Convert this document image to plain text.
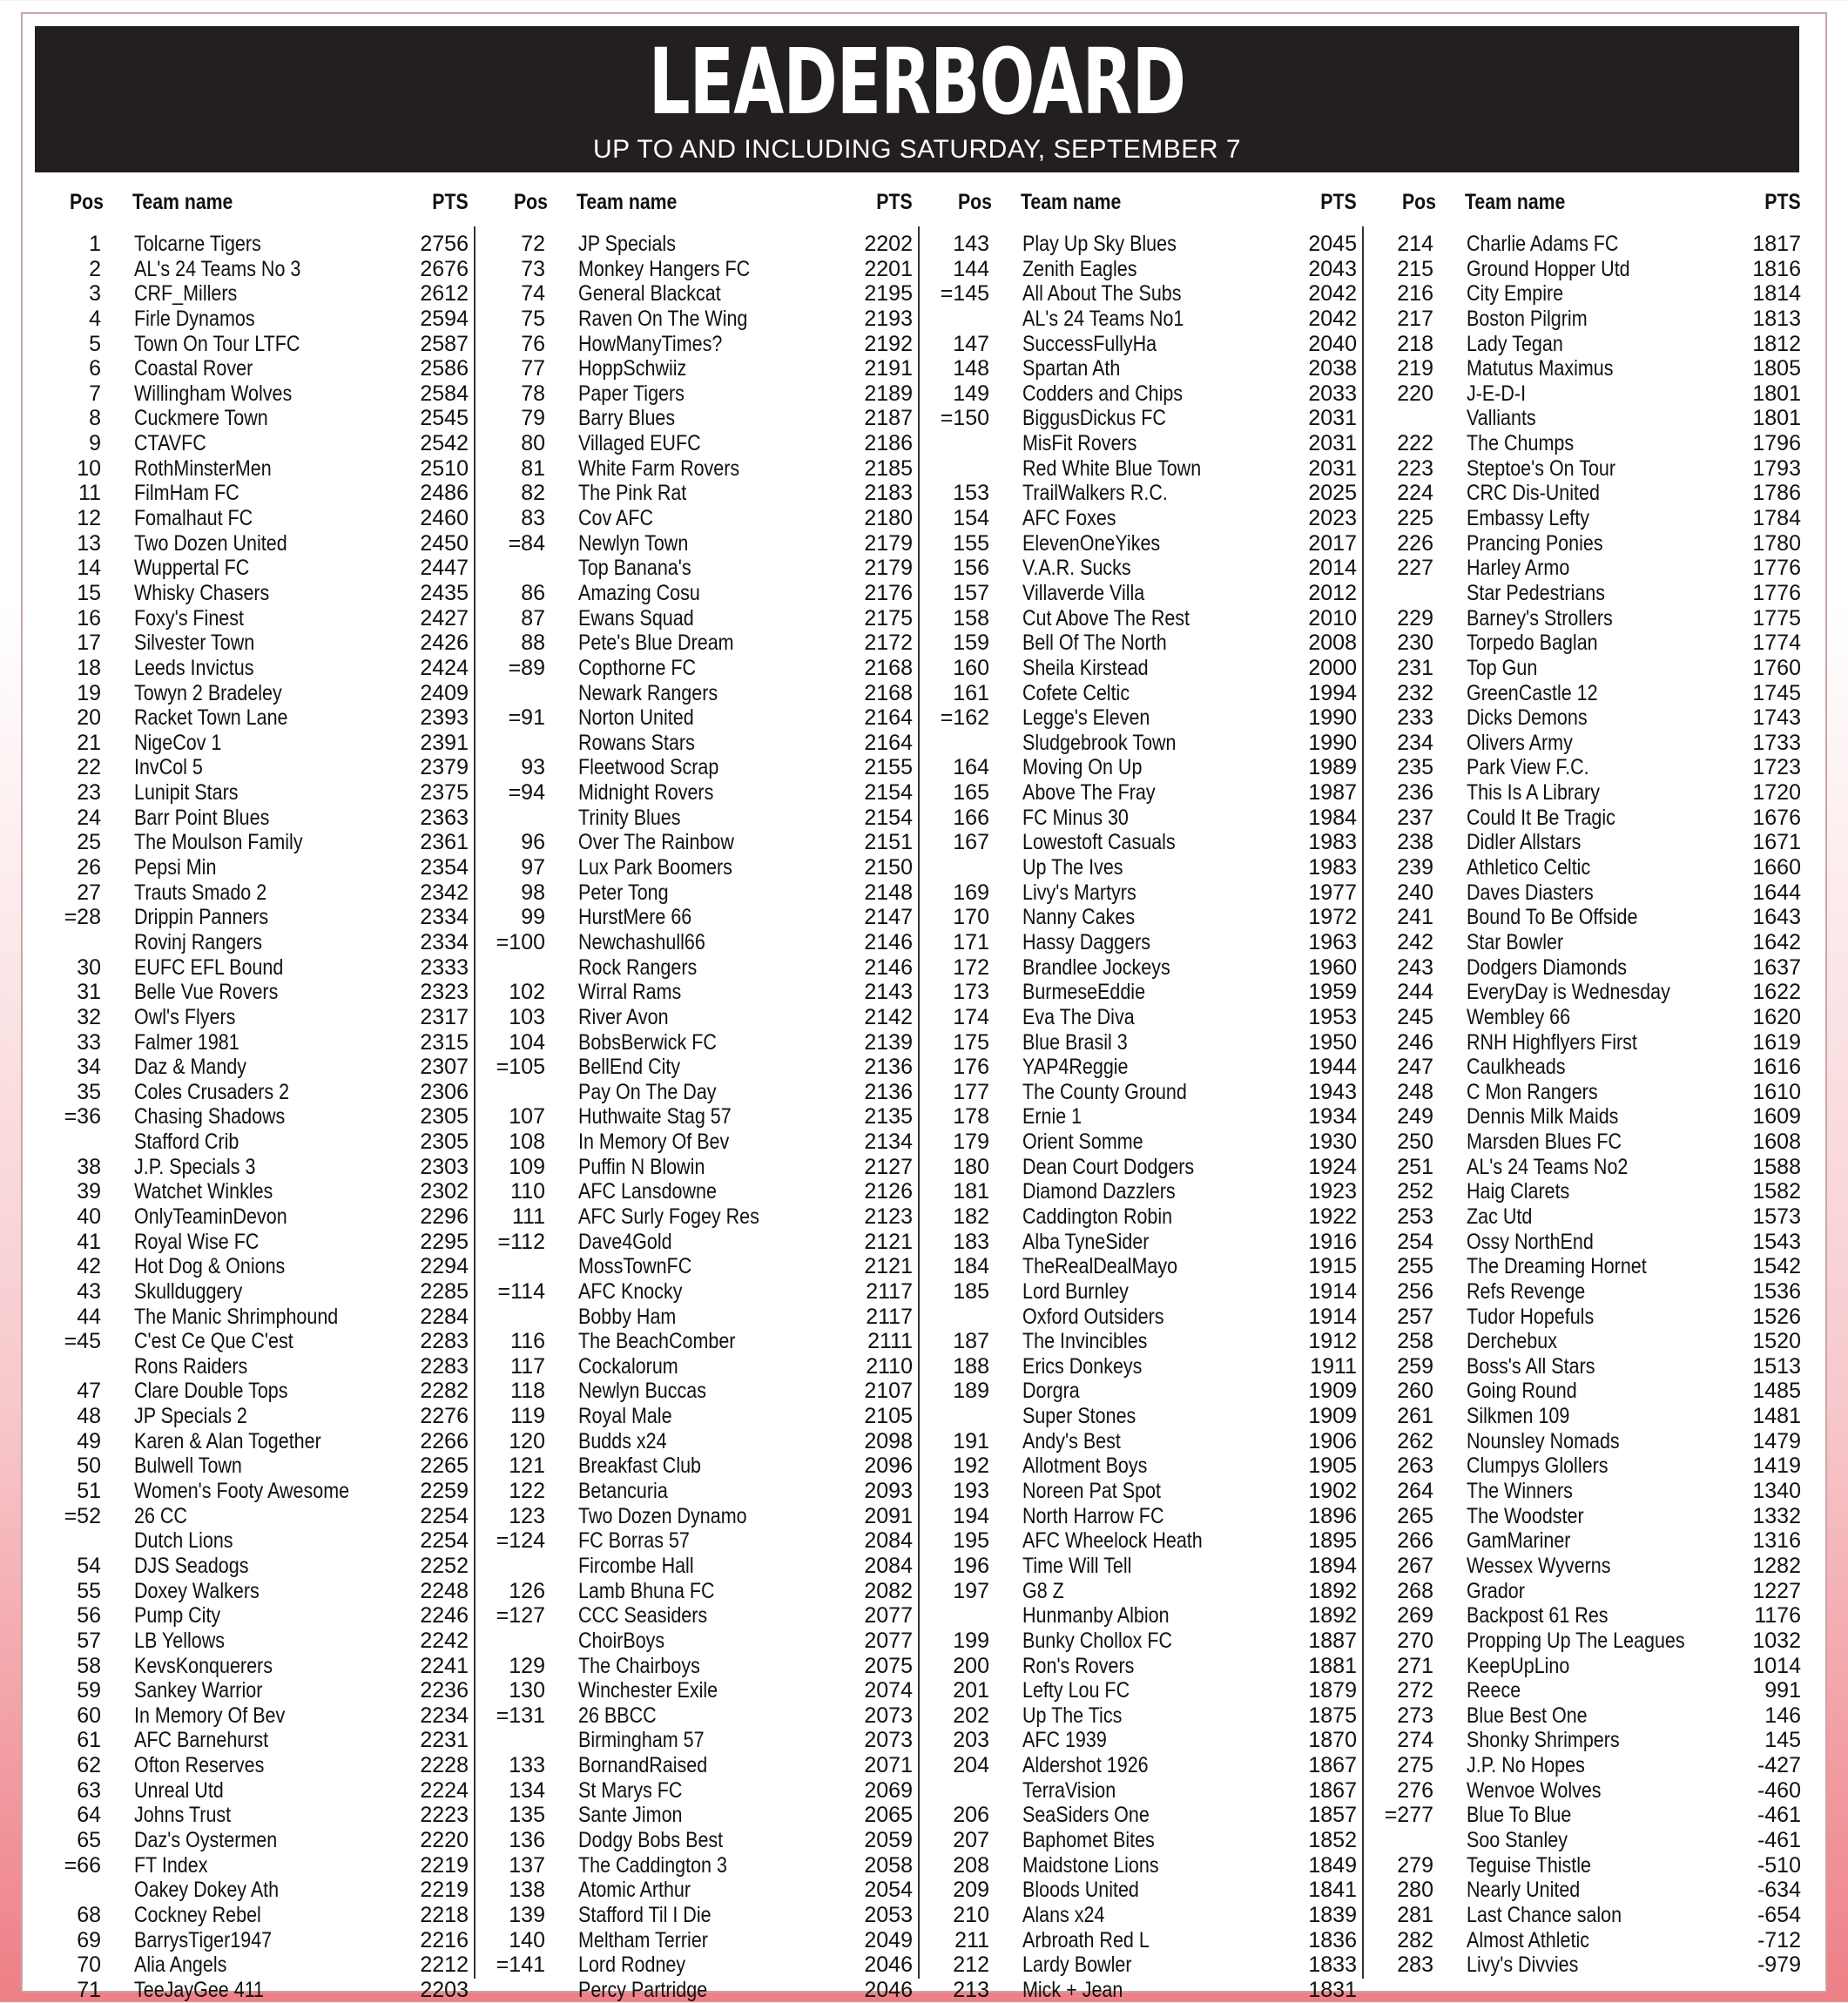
LEADERBOARD
UP TO AND INCLUDING SATURDAY, SEPTEMBER 7
Pos Team name	PTS
1 Tolcarne Tigers	2756
2 AL's 24 Teams No 3	2676
3 CRF_Millers	2612
4 Firle Dynamos	2594
5 Town On Tour LTFC	2587
6 Coastal Rover	2586
7 Willingham Wolves	2584
8 Cuckmere Town	2545
9 CTAVFC	2542
10 RothMinsterMen	2510
11 FilmHam FC	2486
12 Fomalhaut FC	2460
13 Two Dozen United	2450
14 Wuppertal FC	2447
15 Whisky Chasers	2435
16 Foxy's Finest	2427
17 Silvester Town	2426
18 Leeds Invictus	2424
19 Towyn 2 Bradeley	2409
20 Racket Town Lane	2393
21 NigeCov 1	2391
22 InvCol 5	2379
23 Lunipit Stars	2375
24 Barr Point Blues	2363
25 The Moulson Family	2361
26 Pepsi Min	2354
27 Trauts Smado 2	2342
=28 Drippin Panners	2334
Rovinj Rangers	2334
30 EUFC EFL Bound	2333
31 Belle Vue Rovers	2323
32 Owl's Flyers	2317
33 Falmer 1981	2315
34 Daz & Mandy	2307
35 Coles Crusaders 2	2306
=36 Chasing Shadows	2305
Stafford Crib	2305
38 J.P. Specials 3	2303
39 Watchet Winkles	2302
40 OnlyTeaminDevon	2296
41 Royal Wise FC	2295
42 Hot Dog & Onions	2294
43 Skullduggery	2285
44 The Manic Shrimphound	2284
=45 C'est Ce Que C'est	2283
Rons Raiders	2283
47 Clare Double Tops	2282
48 JP Specials 2	2276
49 Karen & Alan Together	2266
50 Bulwell Town	2265
51 Women's Footy Awesome	2259
=52 26 CC	2254
Dutch Lions	2254
54 DJS Seadogs	2252
55 Doxey Walkers	2248
56 Pump City	2246
57 LB Yellows	2242
58 KevsKonquerers	2241
59 Sankey Warrior	2236
60 In Memory Of Bev	2234
61 AFC Barnehurst	2231
62 Ofton Reserves	2228
63 Unreal Utd	2224
64 Johns Trust	2223
65 Daz's Oystermen	2220
=66 FT Index	2219
Oakey Dokey Ath	2219
68 Cockney Rebel	2218
69 BarrysTiger1947	2216
70 Alia Angels	2212
71 TeeJayGee 411	2203
Pos Team name	PTS
72 JP Specials	2202
73 Monkey Hangers FC	2201
74 General Blackcat	2195
75 Raven On The Wing	2193
76 HowManyTimes?	2192
77 HoppSchwiiz	2191
78 Paper Tigers	2189
79 Barry Blues	2187
80 Villaged EUFC	2186
81 White Farm Rovers	2185
82 The Pink Rat	2183
83 Cov AFC	2180
=84 Newlyn Town	2179
Top Banana's	2179
86 Amazing Cosu	2176
87 Ewans Squad	2175
88 Pete's Blue Dream	2172
=89 Copthorne FC	2168
Newark Rangers	2168
=91 Norton United	2164
Rowans Stars	2164
93 Fleetwood Scrap	2155
=94 Midnight Rovers	2154
Trinity Blues	2154
96 Over The Rainbow	2151
97 Lux Park Boomers	2150
98 Peter Tong	2148
99 HurstMere 66	2147
=100 Newchashull66	2146
Rock Rangers	2146
102 Wirral Rams	2143
103 River Avon	2142
104 BobsBerwick FC	2139
=105 BellEnd City	2136
Pay On The Day	2136
107 Huthwaite Stag 57	2135
108 In Memory Of Bev	2134
109 Puffin N Blowin	2127
110 AFC Lansdowne	2126
111 AFC Surly Fogey Res	2123
=112 Dave4Gold	2121
MossTownFC	2121
=114 AFC Knocky	2117
Bobby Ham	2117
116 The BeachComber	2111
117 Cockalorum	2110
118 Newlyn Buccas	2107
119 Royal Male	2105
120 Budds x24	2098
121 Breakfast Club	2096
122 Betancuria	2093
123 Two Dozen Dynamo	2091
=124 FC Borras 57	2084
Fircombe Hall	2084
126 Lamb Bhuna FC	2082
=127 CCC Seasiders	2077
ChoirBoys	2077
129 The Chairboys	2075
130 Winchester Exile	2074
=131 26 BBCC	2073
Birmingham 57	2073
133 BornandRaised	2071
134 St Marys FC	2069
135 Sante Jimon	2065
136 Dodgy Bobs Best	2059
137 The Caddington 3	2058
138 Atomic Arthur	2054
139 Stafford Til I Die	2053
140 Meltham Terrier	2049
=141 Lord Rodney	2046
Percy Partridge	2046
Pos Team name	PTS
143 Play Up Sky Blues	2045
144 Zenith Eagles	2043
=145 All About The Subs	2042
AL's 24 Teams No1	2042
147 SuccessFullyHa	2040
148 Spartan Ath	2038
149 Codders and Chips	2033
=150 BiggusDickus FC	2031
MisFit Rovers	2031
Red White Blue Town	2031
153 TrailWalkers R.C.	2025
154 AFC Foxes	2023
155 ElevenOneYikes	2017
156 V.A.R. Sucks	2014
157 Villaverde Villa	2012
158 Cut Above The Rest	2010
159 Bell Of The North	2008
160 Sheila Kirstead	2000
161 Cofete Celtic	1994
=162 Legge's Eleven	1990
Sludgebrook Town	1990
164 Moving On Up	1989
165 Above The Fray	1987
166 FC Minus 30	1984
167 Lowestoft Casuals	1983
Up The Ives	1983
169 Livy's Martyrs	1977
170 Nanny Cakes	1972
171 Hassy Daggers	1963
172 Brandlee Jockeys	1960
173 BurmeseEddie	1959
174 Eva The Diva	1953
175 Blue Brasil 3	1950
176 YAP4Reggie	1944
177 The County Ground	1943
178 Ernie 1	1934
179 Orient Somme	1930
180 Dean Court Dodgers	1924
181 Diamond Dazzlers	1923
182 Caddington Robin	1922
183 Alba TyneSider	1916
184 TheRealDealMayo	1915
185 Lord Burnley	1914
Oxford Outsiders	1914
187 The Invincibles	1912
188 Erics Donkeys	1911
189 Dorgra	1909
Super Stones	1909
191 Andy's Best	1906
192 Allotment Boys	1905
193 Noreen Pat Spot	1902
194 North Harrow FC	1896
195 AFC Wheelock Heath	1895
196 Time Will Tell	1894
197 G8 Z	1892
Hunmanby Albion	1892
199 Bunky Chollox FC	1887
200 Ron's Rovers	1881
201 Lefty Lou FC	1879
202 Up The Tics	1875
203 AFC 1939	1870
204 Aldershot 1926	1867
TerraVision	1867
206 SeaSiders One	1857
207 Baphomet Bites	1852
208 Maidstone Lions	1849
209 Bloods United	1841
210 Alans x24	1839
211 Arbroath Red L	1836
212 Lardy Bowler	1833
213 Mick + Jean	1831
Pos Team name	PTS
214 Charlie Adams FC	1817
215 Ground Hopper Utd	1816
216 City Empire	1814
217 Boston Pilgrim	1813
218 Lady Tegan	1812
219 Matutus Maximus	1805
220 J-E-D-I	1801
Valliants	1801
222 The Chumps	1796
223 Steptoe's On Tour	1793
224 CRC Dis-United	1786
225 Embassy Lefty	1784
226 Prancing Ponies	1780
227 Harley Armo	1776
Star Pedestrians	1776
229 Barney's Strollers	1775
230 Torpedo Baglan	1774
231 Top Gun	1760
232 GreenCastle 12	1745
233 Dicks Demons	1743
234 Olivers Army	1733
235 Park View F.C.	1723
236 This Is A Library	1720
237 Could It Be Tragic	1676
238 Didler Allstars	1671
239 Athletico Celtic	1660
240 Daves Diasters	1644
241 Bound To Be Offside	1643
242 Star Bowler	1642
243 Dodgers Diamonds	1637
244 EveryDay is Wednesday	1622
245 Wembley 66	1620
246 RNH Highflyers First	1619
247 Caulkheads	1616
248 C Mon Rangers	1610
249 Dennis Milk Maids	1609
250 Marsden Blues FC	1608
251 AL's 24 Teams No2	1588
252 Haig Clarets	1582
253 Zac Utd	1573
254 Ossy NorthEnd	1543
255 The Dreaming Hornet	1542
256 Refs Revenge	1536
257 Tudor Hopefuls	1526
258 Derchebux	1520
259 Boss's All Stars	1513
260 Going Round	1485
261 Silkmen 109	1481
262 Nounsley Nomads	1479
263 Clumpys Glollers	1419
264 The Winners	1340
265 The Woodster	1332
266 GamMariner	1316
267 Wessex Wyverns	1282
268 Grador	1227
269 Backpost 61 Res	1176
270 Propping Up The Leagues	1032
271 KeepUpLino	1014
272 Reece	991
273 Blue Best One	146
274 Shonky Shrimpers	145
275 J.P. No Hopes	-427
276 Wenvoe Wolves	-460
=277 Blue To Blue	-461
Soo Stanley	-461
279 Teguise Thistle	-510
280 Nearly United	-634
281 Last Chance salon	-654
282 Almost Athletic	-712
283 Livy's Divvies	-979
